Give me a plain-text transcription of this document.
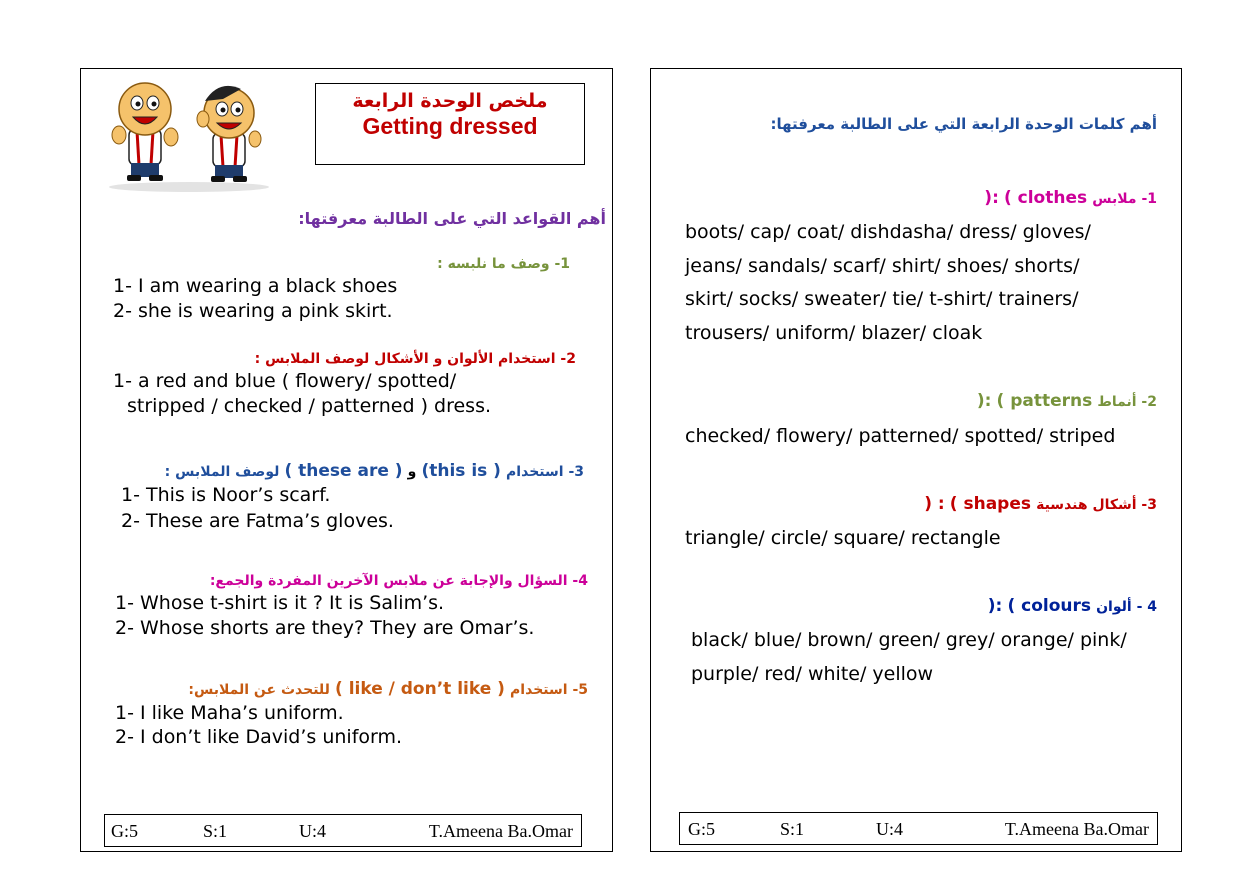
ملخص الوحدة الرابعة
Getting dressed
أهم القواعد التي على الطالبة معرفتها:
1- وصف ما نلبسه :
1- I am wearing a black shoes
2- she is wearing a pink skirt.
2- استخدام الألوان و الأشكال لوصف الملابس :
1- a red and blue ( flowery/ spotted/
stripped / checked / patterned ) dress.
3- استخدام (this is ) و ( these are ) لوصف الملابس :
1- This is Noor’s scarf.
2- These are Fatma’s gloves.
4- السؤال والإجابة عن ملابس الآخرين المفردة والجمع:
1- Whose t-shirt is it ? It is Salim’s.
2- Whose shorts are they? They are Omar’s.
5- استخدام ( like / don’t like ) للتحدث عن الملابس:
1- I like Maha’s uniform.
2- I don’t like David’s uniform.
G:5	S:1	U:4	T.Ameena Ba.Omar
أهم كلمات الوحدة الرابعة التي على الطالبة معرفتها:
1- ملابس ( clothes ):
boots/ cap/ coat/ dishdasha/ dress/ gloves/
jeans/ sandals/ scarf/ shirt/ shoes/ shorts/
skirt/ socks/ sweater/ tie/ t-shirt/ trainers/
trousers/ uniform/ blazer/ cloak
2- أنماط ( patterns ):
checked/ flowery/ patterned/ spotted/ striped
3- أشكال هندسية ( shapes ) :
triangle/ circle/ square/ rectangle
4 - ألوان ( colours ):
black/ blue/ brown/ green/ grey/ orange/ pink/
purple/ red/ white/ yellow
G:5	S:1	U:4	T.Ameena Ba.Omar
